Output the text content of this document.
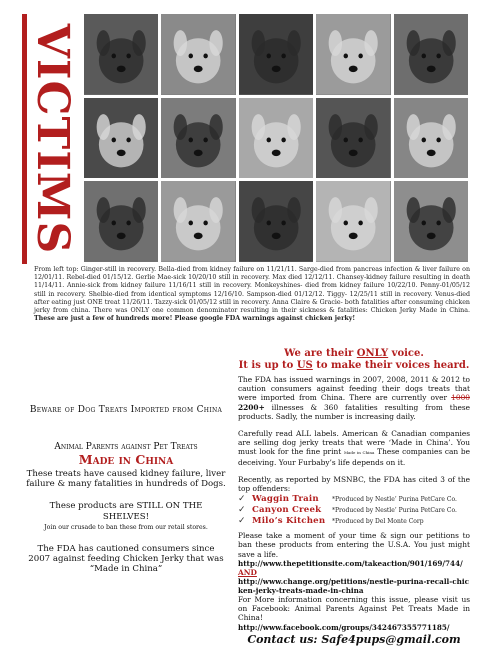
VICTIMS
From left top: Ginger-still in recovery. Bella-died from kidney failure on 11/21/11. Sarge-died from pancreas infection & liver failure on 12/01/11. Rebel-died 01/15/12. Gerlie Mae-sick 10/20/10 still in recovery. Max died 12/12/11. Chansey-kidney failure resulting in death 11/14/11. Annie-sick from kidney failure 11/16/11 still in recovery. Monkeyshines- died from kidney failure 10/22/10. Penny-01/05/12 still in recovery. Shelbie-died from identical symptoms 12/16/10. Sampson-died 01/12/12. Tiggy- 12/25/11 still in recovery. Venus-died after eating just ONE treat 11/26/11. Tazzy-sick 01/05/12 still in recovery. Anna Claire & Gracie- both fatalities after consuming chicken jerky from china. There was ONLY one common denominator resulting in their sickness & fatalities: Chicken Jerky Made in China. These are just a few of hundreds more! Please google FDA warnings against chicken jerky!
We are their ONLY voice.
It is up to US to make their voices heard.
The FDA has issued warnings in 2007, 2008, 2011 & 2012 to caution consumers against feeding their dogs treats that were imported from China. There are currently over 1000 2200+ illnesses & 360 fatalities resulting from these products. Sadly, the number is increasing daily.
Carefully read ALL labels. American & Canadian companies are selling dog jerky treats that were ‘Made in China’. You must look for the fine print Made in China These companies can be deceiving. Your Furbaby’s life depends on it.
Recently, as reported by MSNBC, the FDA has cited 3 of the top offenders:
✓ Waggin Train	*Produced by Nestle’ Purina PetCare Co.
✓ Canyon Creek	*Produced by Nestle’ Purina PetCare Co.
✓ Milo’s Kitchen	*Produced by Del Monte Corp
Please take a moment of your time & sign our petitions to ban these products from entering the U.S.A. You just might save a life.
http://www.thepetitionsite.com/takeaction/901/169/744/
AND
http://www.change.org/petitions/nestle-purina-recall-chicken-jerky-treats-made-in-china
For More information concerning this issue, please visit us on Facebook: Animal Parents Against Pet Treats Made in China!
http://www.facebook.com/groups/342467355771185/
Contact us: Safe4pups@gmail.com
Beware of Dog Treats Imported from China
Animal Parents against Pet Treats
Made in China
These treats have caused kidney failure, liver failure & many fatalities in hundreds of Dogs.
These products are STILL ON THE SHELVES!
Join our crusade to ban these from our retail stores.
The FDA has cautioned consumers since 2007 against feeding Chicken Jerky that was “Made in China”
